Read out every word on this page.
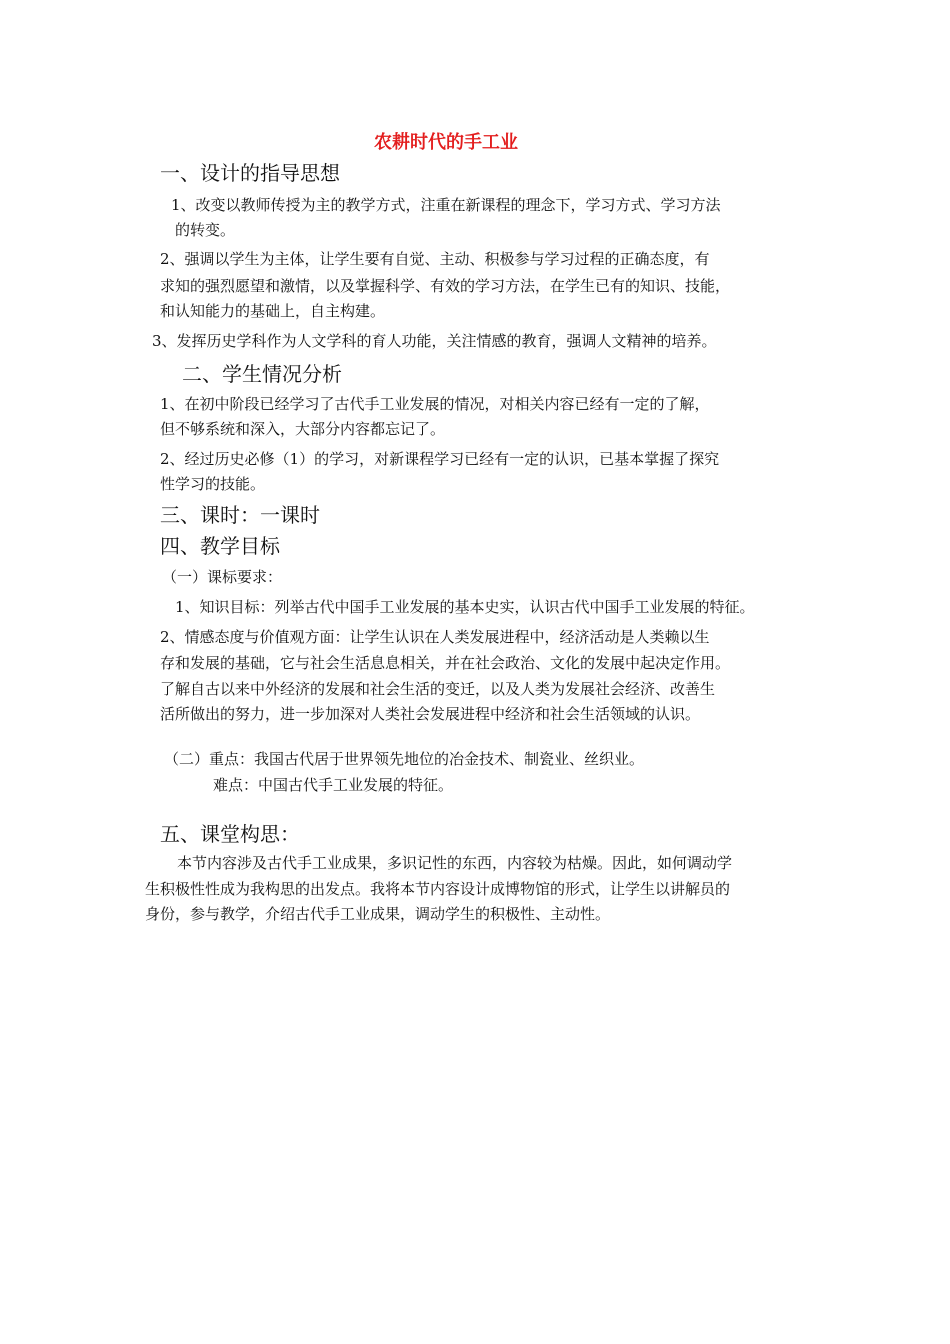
农耕时代的手工业
一、设计的指导思想
1、改变以教师传授为主的教学方式，注重在新课程的理念下，学习方式、学习方法
的转变。
2、强调以学生为主体，让学生要有自觉、主动、积极参与学习过程的正确态度，有
求知的强烈愿望和激情，以及掌握科学、有效的学习方法，在学生已有的知识、技能，
和认知能力的基础上，自主构建。
3、发挥历史学科作为人文学科的育人功能，关注情感的教育，强调人文精神的培养。
二、学生情况分析
1、在初中阶段已经学习了古代手工业发展的情况，对相关内容已经有一定的了解，
但不够系统和深入，大部分内容都忘记了。
2、经过历史必修（1）的学习，对新课程学习已经有一定的认识，已基本掌握了探究
性学习的技能。
三、课时：一课时
四、教学目标
（一）课标要求：
1、知识目标：列举古代中国手工业发展的基本史实，认识古代中国手工业发展的特征。
2、情感态度与价值观方面：让学生认识在人类发展进程中，经济活动是人类赖以生
存和发展的基础，它与社会生活息息相关，并在社会政治、文化的发展中起决定作用。
了解自古以来中外经济的发展和社会生活的变迁，以及人类为发展社会经济、改善生
活所做出的努力，进一步加深对人类社会发展进程中经济和社会生活领域的认识。
（二）重点：我国古代居于世界领先地位的冶金技术、制瓷业、丝织业。
难点：中国古代手工业发展的特征。
五、课堂构思：
本节内容涉及古代手工业成果，多识记性的东西，内容较为枯燥。因此，如何调动学
生积极性性成为我构思的出发点。我将本节内容设计成博物馆的形式，让学生以讲解员的
身份，参与教学，介绍古代手工业成果，调动学生的积极性、主动性。
